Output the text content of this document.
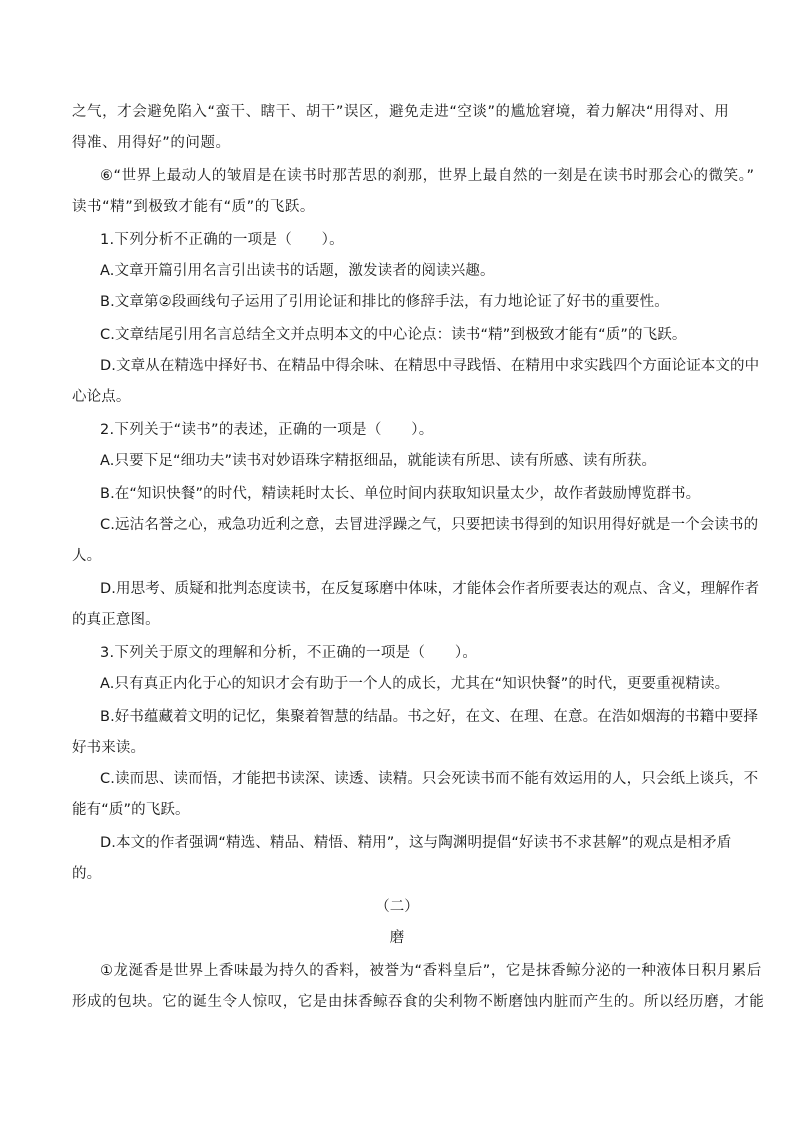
之气，才会避免陷入“蛮干、瞎干、胡干”误区，避免走进“空谈”的尴尬窘境，着力解决“用得对、用
得准、用得好”的问题。
⑥“世界上最动人的皱眉是在读书时那苦思的刹那，世界上最自然的一刻是在读书时那会心的微笑。”
读书“精”到极致才能有“质”的飞跃。
1.下列分析不正确的一项是（　　）。
A.文章开篇引用名言引出读书的话题，激发读者的阅读兴趣。
B.文章第②段画线句子运用了引用论证和排比的修辞手法，有力地论证了好书的重要性。
C.文章结尾引用名言总结全文并点明本文的中心论点：读书“精”到极致才能有“质”的飞跃。
D.文章从在精选中择好书、在精品中得余味、在精思中寻践悟、在精用中求实践四个方面论证本文的中
心论点。
2.下列关于“读书”的表述，正确的一项是（　　）。
A.只要下足“细功夫”读书对妙语珠字精抠细品，就能读有所思、读有所感、读有所获。
B.在“知识快餐”的时代，精读耗时太长、单位时间内获取知识量太少，故作者鼓励博览群书。
C.远沽名誉之心，戒急功近利之意，去冒进浮躁之气，只要把读书得到的知识用得好就是一个会读书的
人。
D.用思考、质疑和批判态度读书，在反复琢磨中体味，才能体会作者所要表达的观点、含义，理解作者
的真正意图。
3.下列关于原文的理解和分析，不正确的一项是（　　）。
A.只有真正内化于心的知识才会有助于一个人的成长，尤其在“知识快餐”的时代，更要重视精读。
B.好书蕴藏着文明的记忆，集聚着智慧的结晶。书之好，在文、在理、在意。在浩如烟海的书籍中要择
好书来读。
C.读而思、读而悟，才能把书读深、读透、读精。只会死读书而不能有效运用的人，只会纸上谈兵，不
能有“质”的飞跃。
D.本文的作者强调“精选、精品、精悟、精用”，这与陶渊明提倡“好读书不求甚解”的观点是相矛盾
的。
（二）
磨
①龙涎香是世界上香味最为持久的香料，被誉为“香料皇后”，它是抹香鲸分泌的一种液体日积月累后
形成的包块。它的诞生令人惊叹，它是由抹香鲸吞食的尖利物不断磨蚀内脏而产生的。所以经历磨，才能
